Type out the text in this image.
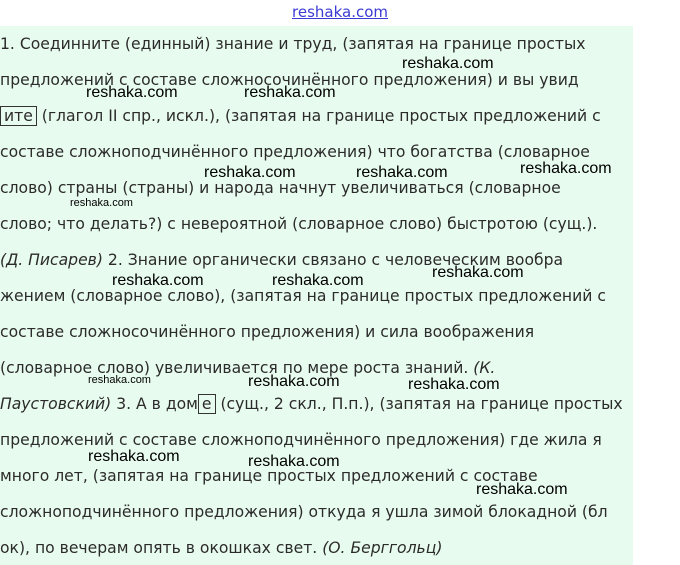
reshaka.com

1. Соединните (единный) знание и труд, (запятая на границе простых

предложений с составе сложносочинённого предложения) и вы увид

ите (глагол II спр., искл.), (запятая на границе простых предложений с

составе сложноподчинённого предложения) что богатства (словарное

слово) страны (страны) и народа начнут увеличиваться (словарное

слово; что делать?) с невероятной (словарное слово) быстротою (сущ.).

(Д. Писарев) 2. Знание органически связано с человеческим вообра

жением (словарное слово), (запятая на границе простых предложений с

составе сложносочинённого предложения) и сила воображения

(словарное слово) увеличивается по мере роста знаний. (К.

Паустовский) 3. А в дом е (сущ., 2 скл., П.п.), (запятая на границе простых

предложений с составе сложноподчинённого предложения) где жила я

много лет, (запятая на границе простых предложений с составе

сложноподчинённого предложения) откуда я ушла зимой блокадной (бл

ок), по вечерам опять в окошках свет. (О. Берггольц)

reshaka.com
reshaka.com	reshaka.com
reshaka.com
reshaka.com	reshaka.com
reshaka.com
reshaka.com
reshaka.com	reshaka.com
reshaka.com	reshaka.com	reshaka.com
reshaka.com	reshaka.com
reshaka.com
